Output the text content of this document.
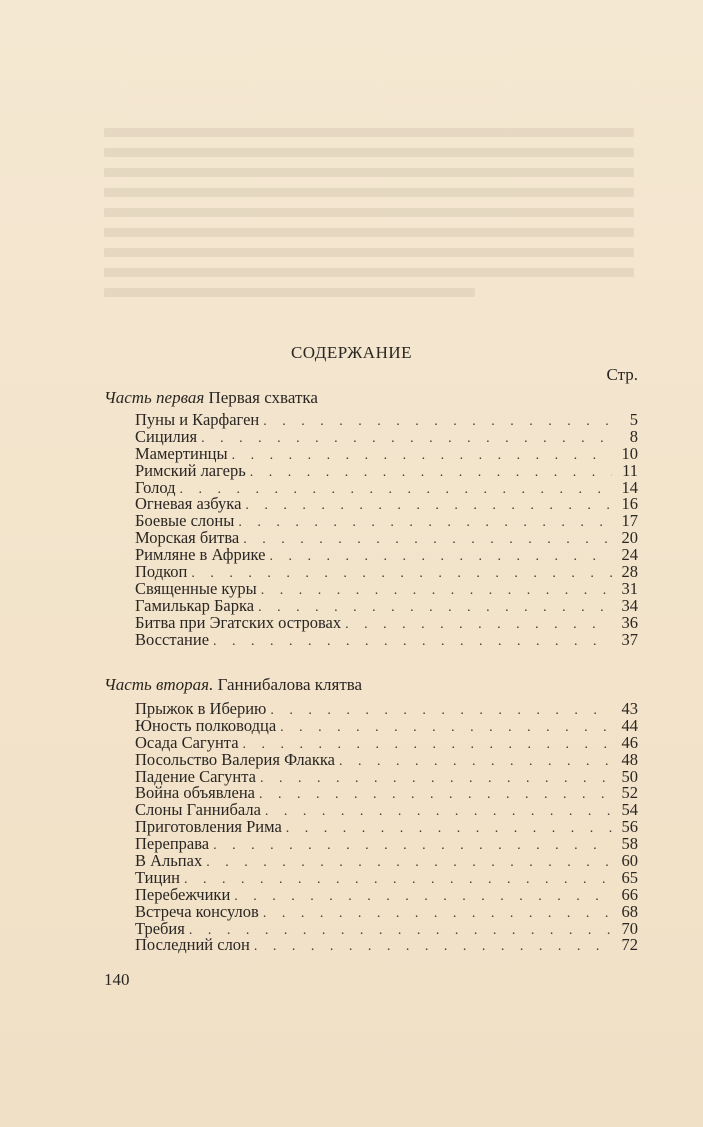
СОДЕРЖАНИЕ
Стр.
Часть первая Первая схватка
Пуны и Карфаген . . .	5
Сицилия . . .	8
Мамертинцы . . .	10
Римский лагерь . . .	11
Голод . . .	14
Огневая азбука . . .	16
Боевые слоны . . .	17
Морская битва . . .	20
Римляне в Африке . . .	24
Подкоп . . .	28
Священные куры . . .	31
Гамилькар Барка . . .	34
Битва при Эгатских островах . . .	36
Восстание . . .	37
Часть вторая. Ганнибалова клятва
Прыжок в Иберию . . .	43
Юность полководца . . .	44
Осада Сагунта . . .	46
Посольство Валерия Флакка . . .	48
Падение Сагунта . . .	50
Война объявлена . . .	52
Слоны Ганнибала . . .	54
Приготовления Рима . . .	56
Переправа . . .	58
В Альпах . . .	60
Тицин . . .	65
Перебежчики . . .	66
Встреча консулов . . .	68
Требия . . .	70
Последний слон . . .	72
140
